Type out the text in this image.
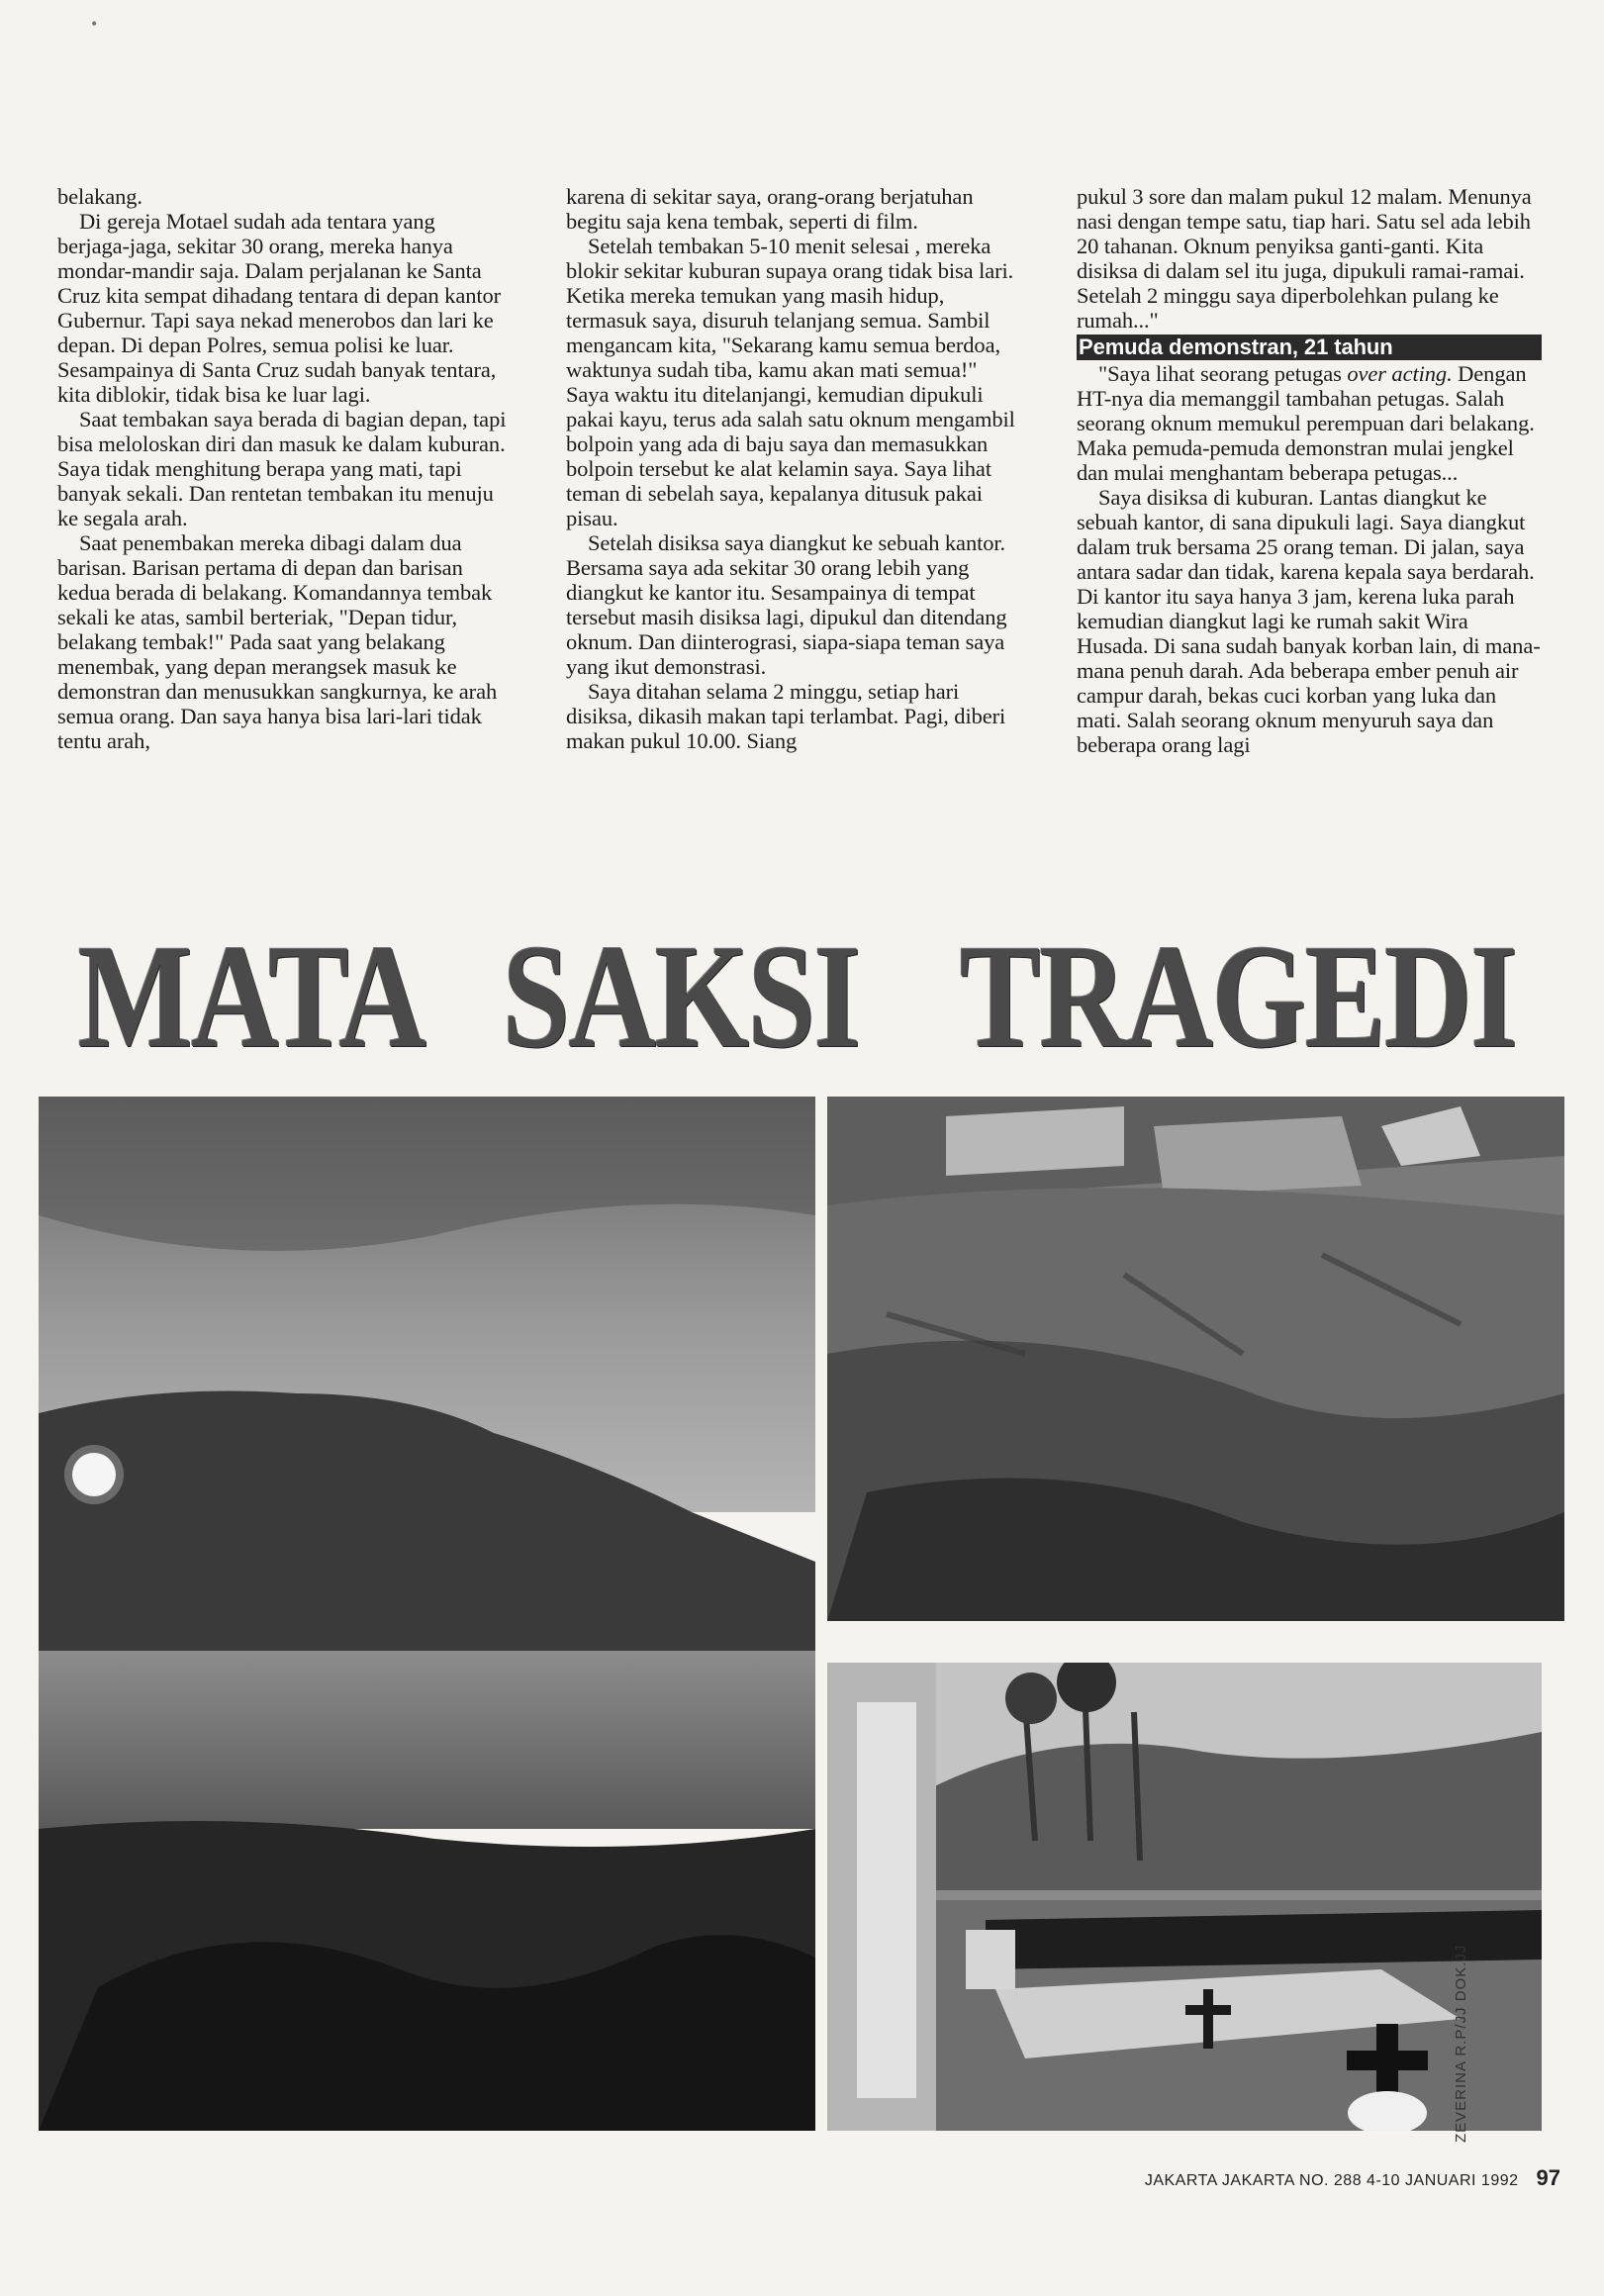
•

belakang.

Di gereja Motael sudah ada tentara yang berjaga-jaga, sekitar 30 orang, mereka hanya mondar-mandir saja. Dalam perjalanan ke Santa Cruz kita sempat dihadang tentara di depan kantor Gubernur. Tapi saya nekad menerobos dan lari ke depan. Di depan Polres, semua polisi ke luar. Sesampainya di Santa Cruz sudah banyak tentara, kita diblokir, tidak bisa ke luar lagi.

Saat tembakan saya berada di bagian depan, tapi bisa meloloskan diri dan masuk ke dalam kuburan. Saya tidak menghitung berapa yang mati, tapi banyak sekali. Dan rentetan tembakan itu menuju ke segala arah.

Saat penembakan mereka dibagi dalam dua barisan. Barisan pertama di depan dan barisan kedua berada di belakang. Komandannya tembak sekali ke atas, sambil berteriak, "Depan tidur, belakang tembak!" Pada saat yang belakang menembak, yang depan merangsek masuk ke demonstran dan menusukkan sangkurnya, ke arah semua orang. Dan saya hanya bisa lari-lari tidak tentu arah,

karena di sekitar saya, orang-orang berjatuhan begitu saja kena tembak, seperti di film.

Setelah tembakan 5-10 menit selesai , mereka blokir sekitar kuburan supaya orang tidak bisa lari. Ketika mereka temukan yang masih hidup, termasuk saya, disuruh telanjang semua. Sambil mengancam kita, "Sekarang kamu semua berdoa, waktunya sudah tiba, kamu akan mati semua!" Saya waktu itu ditelanjangi, kemudian dipukuli pakai kayu, terus ada salah satu oknum mengambil bolpoin yang ada di baju saya dan memasukkan bolpoin tersebut ke alat kelamin saya. Saya lihat teman di sebelah saya, kepalanya ditusuk pakai pisau.

Setelah disiksa saya diangkut ke sebuah kantor. Bersama saya ada sekitar 30 orang lebih yang diangkut ke kantor itu. Sesampainya di tempat tersebut masih disiksa lagi, dipukul dan ditendang oknum. Dan diinterograsi, siapa-siapa teman saya yang ikut demonstrasi.

Saya ditahan selama 2 minggu, setiap hari disiksa, dikasih makan tapi terlambat. Pagi, diberi makan pukul 10.00. Siang

pukul 3 sore dan malam pukul 12 malam. Menunya nasi dengan tempe satu, tiap hari. Satu sel ada lebih 20 tahanan. Oknum penyiksa ganti-ganti. Kita disiksa di dalam sel itu juga, dipukuli ramai-ramai. Setelah 2 minggu saya diperbolehkan pulang ke rumah..."

Pemuda demonstran, 21 tahun

"Saya lihat seorang petugas over acting. Dengan HT-nya dia memanggil tambahan petugas. Salah seorang oknum memukul perempuan dari belakang. Maka pemuda-pemuda demonstran mulai jengkel dan mulai menghantam beberapa petugas...

Saya disiksa di kuburan. Lantas diangkut ke sebuah kantor, di sana dipukuli lagi. Saya diangkut dalam truk bersama 25 orang teman. Di jalan, saya antara sadar dan tidak, karena kepala saya berdarah. Di kantor itu saya hanya 3 jam, kerena luka parah kemudian diangkut lagi ke rumah sakit Wira Husada. Di sana sudah banyak korban lain, di mana-mana penuh darah. Ada beberapa ember penuh air campur darah, bekas cuci korban yang luka dan mati. Salah seorang oknum menyuruh saya dan beberapa orang lagi

MATA SAKSI TRAGEDI
ZEVERINA R.P/JJ DOK.JJ
JAKARTA JAKARTA NO. 288 4-10 JANUARI 1992 97
